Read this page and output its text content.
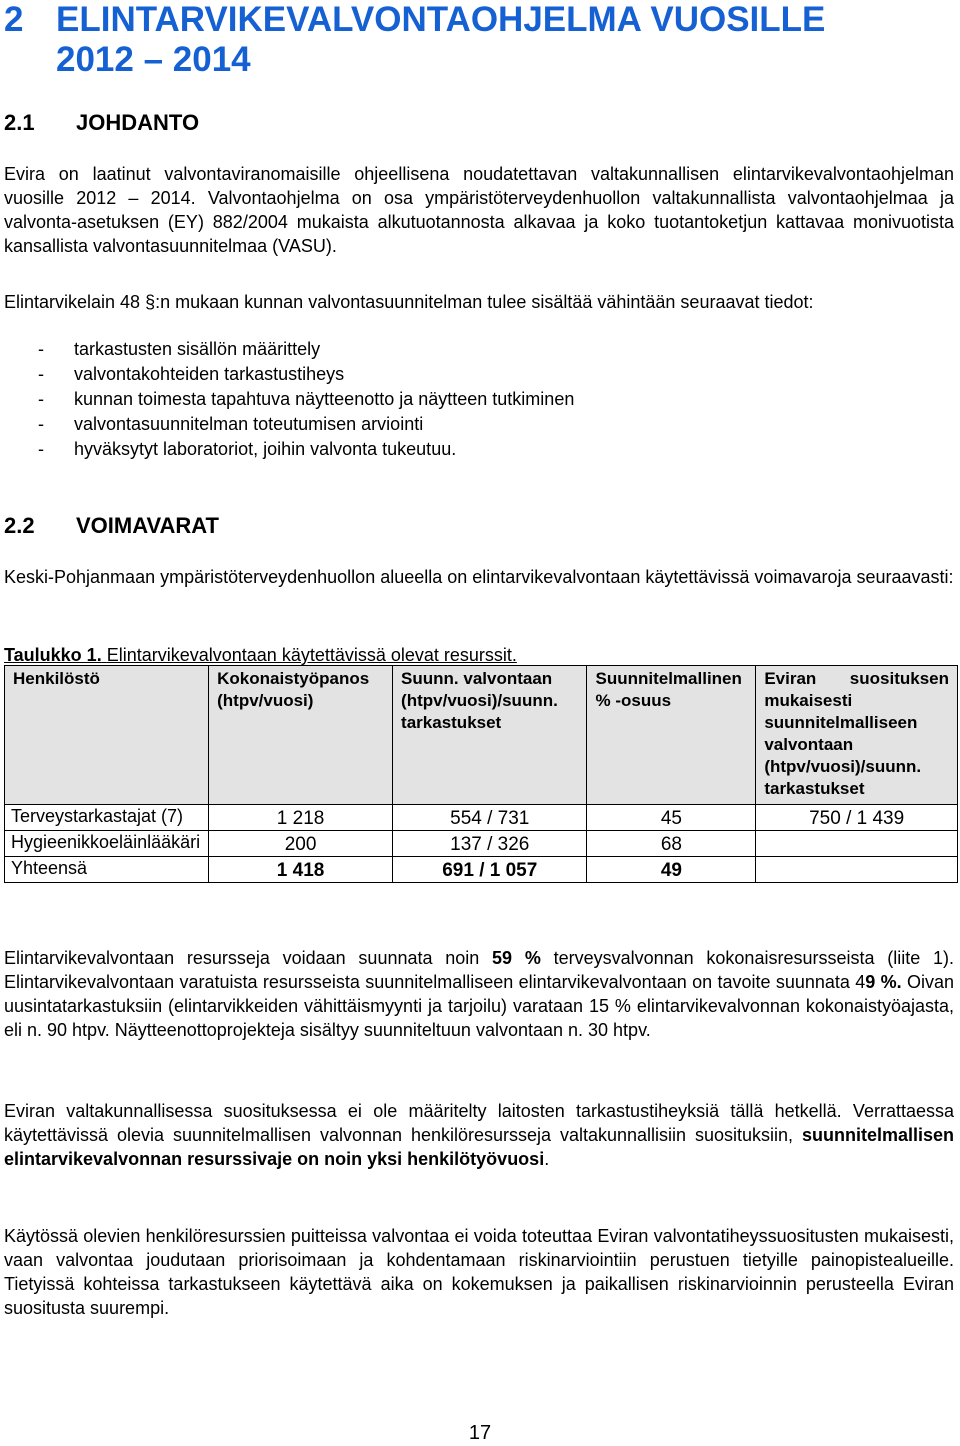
2 ELINTARVIKEVALVONTAOHJELMA VUOSILLE
2012 – 2014
2.1 JOHDANTO

Evira on laatinut valvontaviranomaisille ohjeellisena noudatettavan valtakunnallisen elintarvikevalvontaohjelman vuosille 2012 – 2014. Valvontaohjelma on osa ympäristöterveydenhuollon valtakunnallista valvontaohjelmaa ja valvonta-asetuksen (EY) 882/2004 mukaista alkutuotannosta alkavaa ja koko tuotantoketjun kattavaa monivuotista kansallista valvontasuunnitelmaa (VASU).

Elintarvikelain 48 §:n mukaan kunnan valvontasuunnitelman tulee sisältää vähintään seuraavat tiedot:

- tarkastusten sisällön määrittely
- valvontakohteiden tarkastustiheys
- kunnan toimesta tapahtuva näytteenotto ja näytteen tutkiminen
- valvontasuunnitelman toteutumisen arviointi
- hyväksytyt laboratoriot, joihin valvonta tukeutuu.
2.2 VOIMAVARAT

Keski-Pohjanmaan ympäristöterveydenhuollon alueella on elintarvikevalvontaan käytettävissä voimavaroja seuraavasti:

Taulukko 1. Elintarvikevalvontaan käytettävissä olevat resurssit.
Henkilöstö	Kokonaistyöpanos (htpv/vuosi)	Suunn. valvontaan (htpv/vuosi)/suunn. tarkastukset	Suunnitelmallinen % -osuus	Eviran suosituksen mukaisesti suunnitelmalliseen valvontaan (htpv/vuosi)/suunn. tarkastukset
Terveystarkastajat (7)	1 218	554 / 731	45	750 / 1 439
Hygieenikkoeläinlääkäri	200	137 / 326	68	
Yhteensä	1 418	691 / 1 057	49	

Elintarvikevalvontaan resursseja voidaan suunnata noin 59 % terveysvalvonnan kokonaisresursseista (liite 1). Elintarvikevalvontaan varatuista resursseista suunnitelmalliseen elintarvikevalvontaan on tavoite suunnata 49 %. Oivan uusintatarkastuksiin (elintarvikkeiden vähittäismyynti ja tarjoilu) varataan 15 % elintarvikevalvonnan kokonaistyöajasta, eli n. 90 htpv. Näytteenottoprojekteja sisältyy suunniteltuun valvontaan n. 30 htpv.

Eviran valtakunnallisessa suosituksessa ei ole määritelty laitosten tarkastustiheyksiä tällä hetkellä. Verrattaessa käytettävissä olevia suunnitelmallisen valvonnan henkilöresursseja valtakunnallisiin suosituksiin, suunnitelmallisen elintarvikevalvonnan resurssivaje on noin yksi henkilötyövuosi.

Käytössä olevien henkilöresurssien puitteissa valvontaa ei voida toteuttaa Eviran valvontatiheyssuositusten mukaisesti, vaan valvontaa joudutaan priorisoimaan ja kohdentamaan riskinarviointiin perustuen tietyille painopistealueille. Tietyissä kohteissa tarkastukseen käytettävä aika on kokemuksen ja paikallisen riskinarvioinnin perusteella Eviran suositusta suurempi.

17
